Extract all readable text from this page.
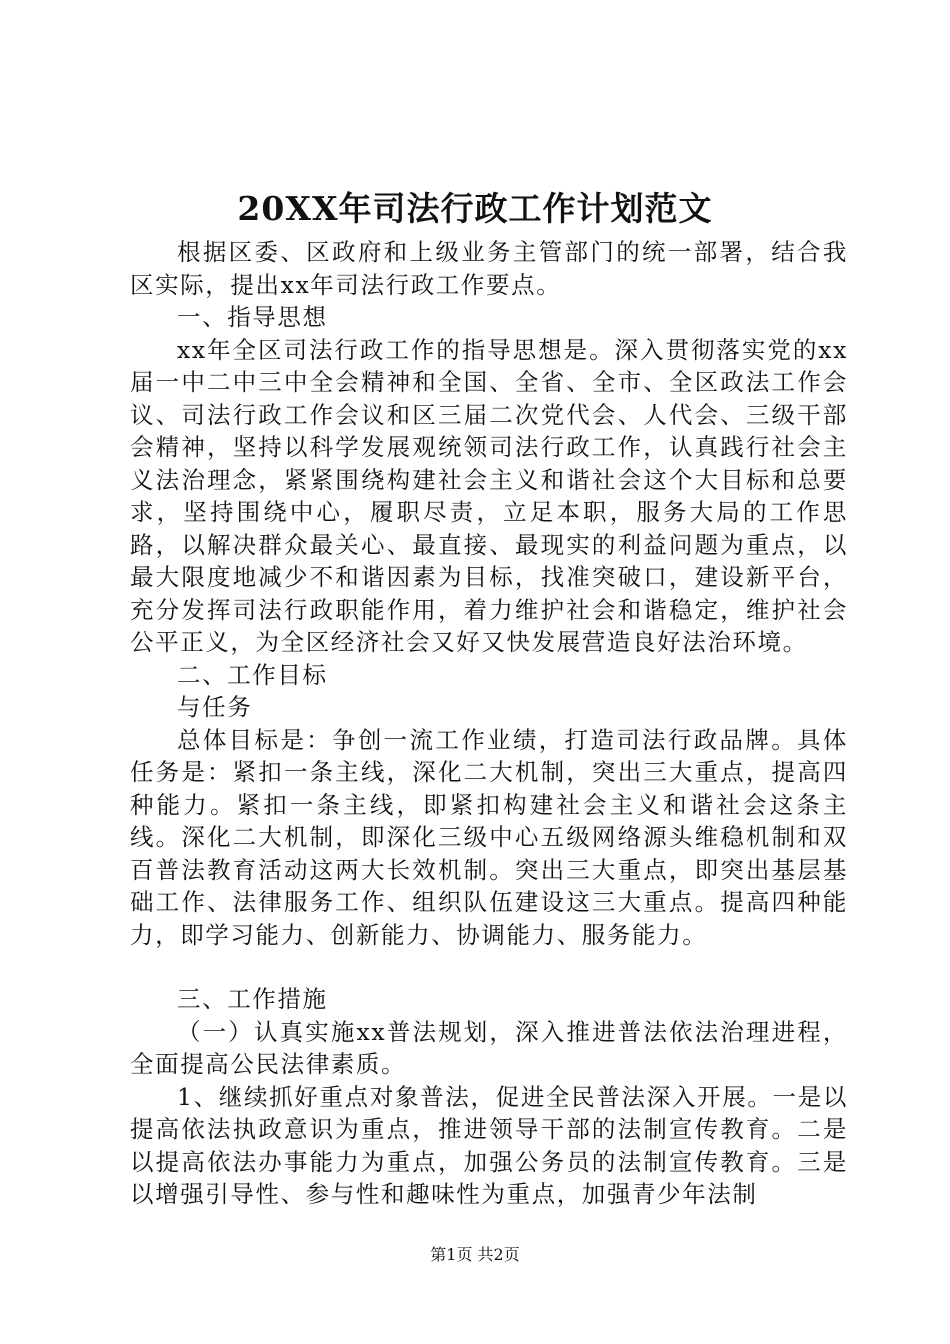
20XX年司法行政工作计划范文

根据区委、区政府和上级业务主管部门的统一部署，结合我区实际，提出xx年司法行政工作要点。

一、指导思想

xx年全区司法行政工作的指导思想是。深入贯彻落实党的xx届一中二中三中全会精神和全国、全省、全市、全区政法工作会议、司法行政工作会议和区三届二次党代会、人代会、三级干部会精神，坚持以科学发展观统领司法行政工作，认真践行社会主义法治理念，紧紧围绕构建社会主义和谐社会这个大目标和总要求，坚持围绕中心，履职尽责，立足本职，服务大局的工作思路，以解决群众最关心、最直接、最现实的利益问题为重点，以最大限度地减少不和谐因素为目标，找准突破口，建设新平台，充分发挥司法行政职能作用，着力维护社会和谐稳定，维护社会公平正义，为全区经济社会又好又快发展营造良好法治环境。

二、工作目标

与任务

总体目标是：争创一流工作业绩，打造司法行政品牌。具体任务是：紧扣一条主线，深化二大机制，突出三大重点，提高四种能力。紧扣一条主线，即紧扣构建社会主义和谐社会这条主线。深化二大机制，即深化三级中心五级网络源头维稳机制和双百普法教育活动这两大长效机制。突出三大重点，即突出基层基础工作、法律服务工作、组织队伍建设这三大重点。提高四种能力，即学习能力、创新能力、协调能力、服务能力。

三、工作措施

（一）认真实施xx普法规划，深入推进普法依法治理进程，全面提高公民法律素质。

1、继续抓好重点对象普法，促进全民普法深入开展。一是以提高依法执政意识为重点，推进领导干部的法制宣传教育。二是以提高依法办事能力为重点，加强公务员的法制宣传教育。三是以增强引导性、参与性和趣味性为重点，加强青少年法制

第1页 共2页
